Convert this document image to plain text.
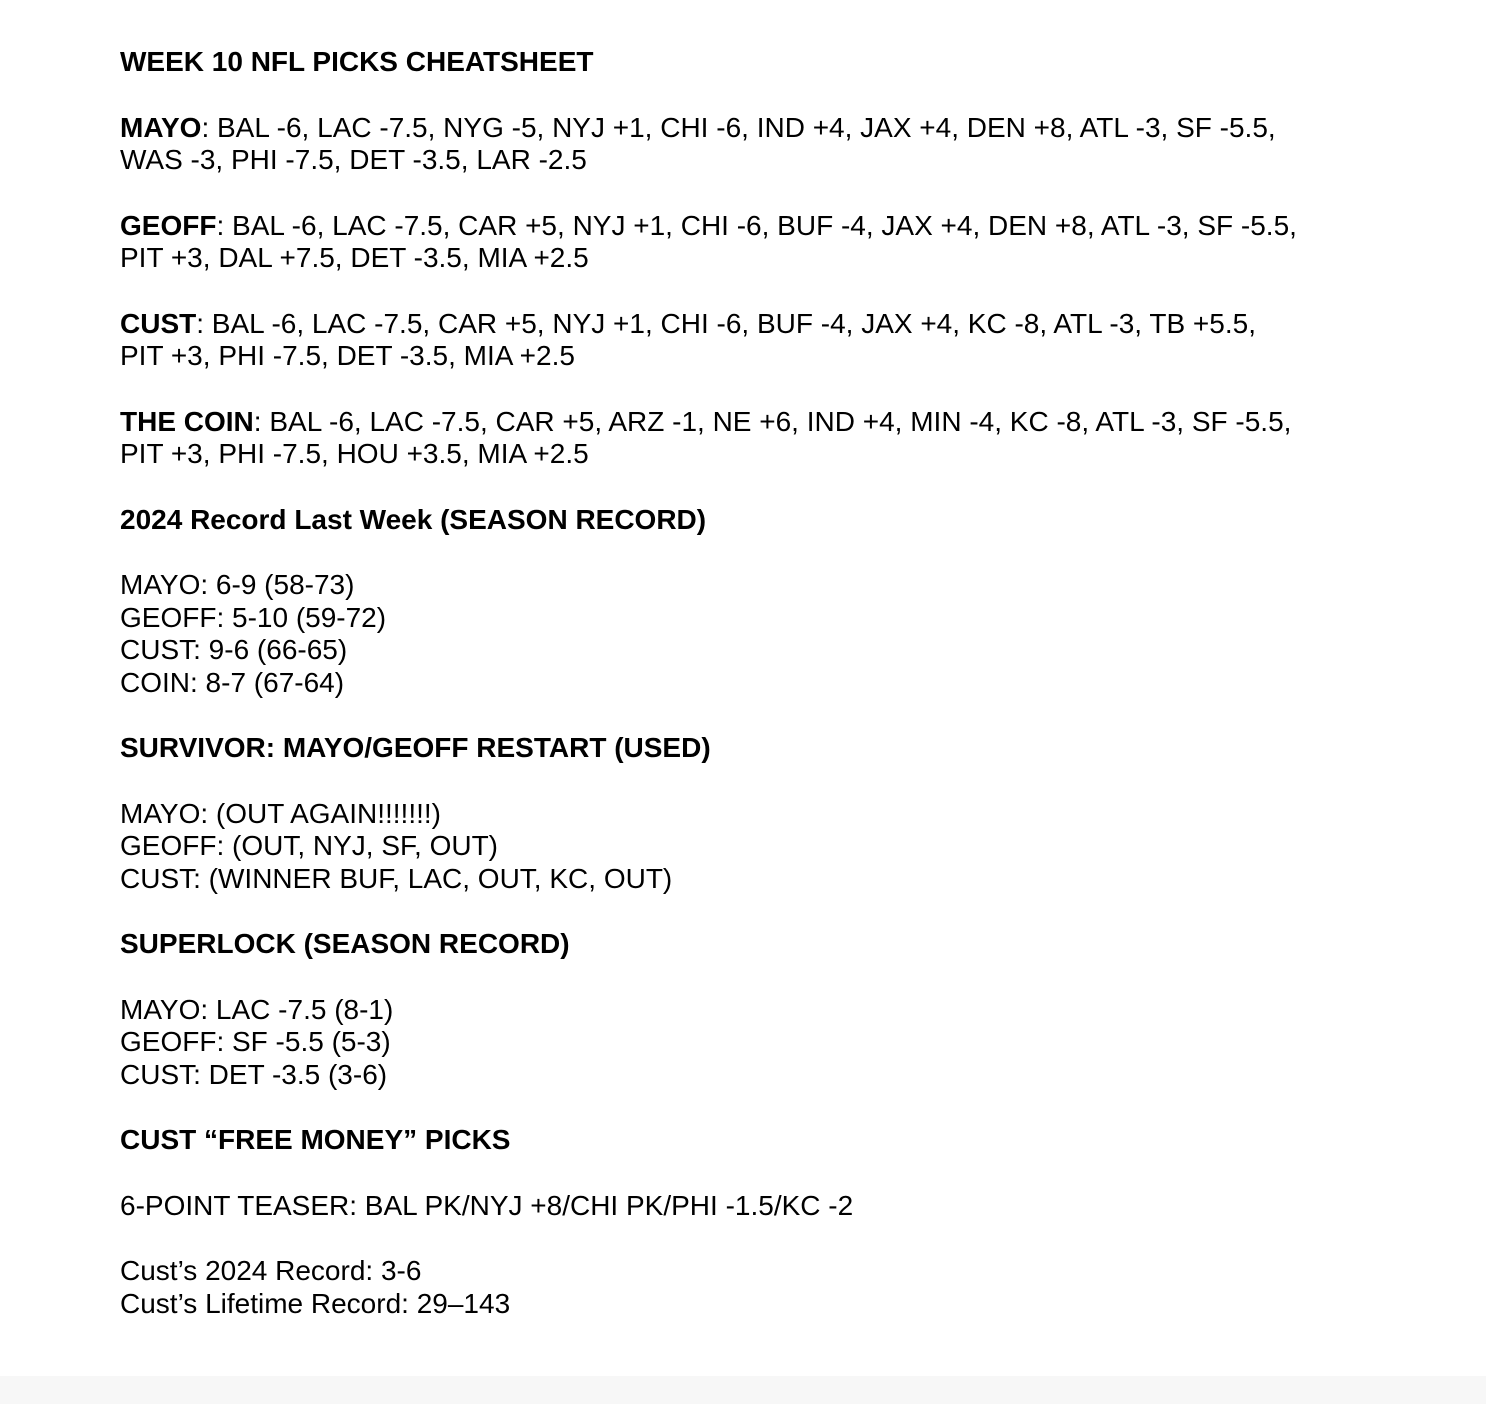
WEEK 10 NFL PICKS CHEATSHEET
MAYO: BAL -6, LAC -7.5, NYG -5, NYJ +1, CHI -6, IND +4, JAX +4, DEN +8, ATL -3, SF -5.5,
WAS -3, PHI -7.5, DET -3.5, LAR -2.5
GEOFF: BAL -6, LAC -7.5, CAR +5, NYJ +1, CHI -6, BUF -4, JAX +4, DEN +8, ATL -3, SF -5.5,
PIT +3, DAL +7.5, DET -3.5, MIA +2.5
CUST: BAL -6, LAC -7.5, CAR +5, NYJ +1, CHI -6, BUF -4, JAX +4, KC -8, ATL -3, TB +5.5,
PIT +3, PHI -7.5, DET -3.5, MIA +2.5
THE COIN: BAL -6, LAC -7.5, CAR +5, ARZ -1, NE +6, IND +4, MIN -4, KC -8, ATL -3, SF -5.5,
PIT +3, PHI -7.5, HOU +3.5, MIA +2.5
2024 Record Last Week (SEASON RECORD)
MAYO: 6-9 (58-73)
GEOFF: 5-10 (59-72)
CUST: 9-6 (66-65)
COIN: 8-7 (67-64)
SURVIVOR: MAYO/GEOFF RESTART (USED)
MAYO: (OUT AGAIN!!!!!!!)
GEOFF: (OUT, NYJ, SF, OUT)
CUST: (WINNER BUF, LAC, OUT, KC, OUT)
SUPERLOCK (SEASON RECORD)
MAYO: LAC -7.5 (8-1)
GEOFF: SF -5.5 (5-3)
CUST: DET -3.5 (3-6)
CUST “FREE MONEY” PICKS
6-POINT TEASER: BAL PK/NYJ +8/CHI PK/PHI -1.5/KC -2
Cust’s 2024 Record: 3-6
Cust’s Lifetime Record: 29–143
